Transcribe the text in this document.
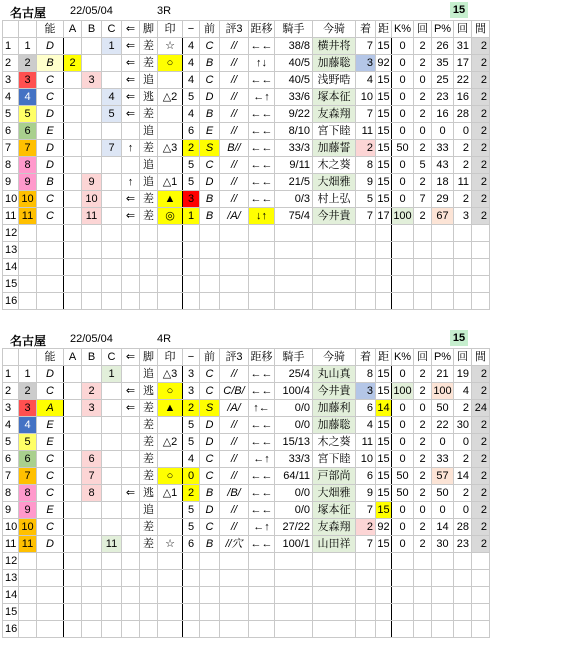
名古屋 22/05/04	3R	15
		能	A	B	C	⇐	脚	印	−	前	評3	距移	騎手	今骑	着	距	K%	回	P%	回	間
1	1	D			1	⇐	差	☆	4	C	//	←←	38/8	横井将	7	15	0	2	26	31	2
2	2	B	2			⇐	差	○	4	B	//	↑↓	40/5	加藤聡	3	92	0	2	35	17	2
3	3	C		3		⇐	追		4	C	//	←←	40/5	浅野晧	4	15	0	0	25	22	2
4	4	C			4	⇐	逃	△2	5	D	//	←↑	33/6	塚本征	10	15	0	2	23	16	2
5	5	D			5	⇐	差		4	B	//	←←	9/22	友森翔	7	15	0	2	16	28	2
6	6	E					追		6	E	//	←←	8/10	宮下睦	11	15	0	0	0	0	2
7	7	D			7	↑	差	△3	2	S	B//	←←	33/3	加藤誓	2	15	50	2	33	2	2
8	8	D					追		5	C	//	←←	9/11	木之葵	8	15	0	5	43	2	2
9	9	B		9		↑	追	△1	5	D	//	←←	21/5	大畑雅	9	15	0	2	18	11	2
10	10	C		10		⇐	差	▲	3	B	//	←←	0/3	村上弘	5	15	0	7	29	2	2
11	11	C		11		⇐	差	◎	1	B	/A/	↓↑	75/4	今井貴	7	17	100	2	67	3	2
12																					
13																					
14																					
15																					
16																					
名古屋 22/05/04	4R	15
		能	A	B	C	⇐	脚	印	−	前	評3	距移	騎手	今骑	着	距	K%	回	P%	回	間
1	1	D			1		追	△3	3	C	//	←←	25/4	丸山真	8	15	0	2	21	19	2
2	2	C		2		⇐	逃	○	3	C	C/B/	←←	100/4	今井貴	3	15	100	2	100	4	2
3	3	A		3		⇐	差	▲	2	S	/A/	↑←	0/0	加藤利	6	14	0	0	50	2	24
4	4	E					差		5	D	//	←←	0/0	加藤聡	4	15	0	2	22	30	2
5	5	E					差	△2	5	D	//	←←	15/13	木之葵	11	15	0	2	0	0	2
6	6	C		6			差		4	C	//	←↑	33/3	宮下睦	10	15	0	2	33	2	2
7	7	C		7			差	○	0	C	//	←←	64/11	戸部尚	6	15	50	2	57	14	2
8	8	C		8		⇐	逃	△1	2	B	/B/	←←	0/0	大畑雅	9	15	50	2	50	2	2
9	9	E					追		5	D	//	←←	0/0	塚本征	7	15	0	0	0	0	2
10	10	C					差		5	C	//	←↑	27/22	友森翔	2	92	0	2	14	28	2
11	11	D			11		差	☆	6	B	//穴	←←	100/1	山田祥	7	15	0	2	30	23	2
12																					
13																					
14																					
15																					
16																					
